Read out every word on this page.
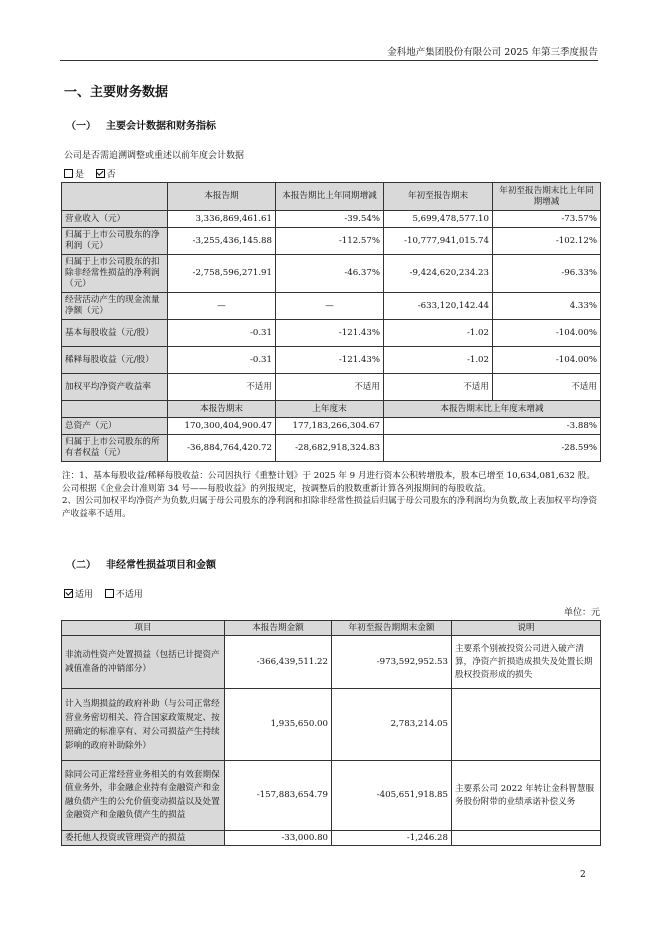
金科地产集团股份有限公司 2025 年第三季度报告
一、主要财务数据
（一） 主要会计数据和财务指标
公司是否需追溯调整或重述以前年度会计数据
是	否
	本报告期	本报告期比上年同期增减	年初至报告期末	年初至报告期末比上年同期增减
营业收入（元）	3,336,869,461.61	-39.54%	5,699,478,577.10	-73.57%
归属于上市公司股东的净利润（元）	-3,255,436,145.88	-112.57%	-10,777,941,015.74	-102.12%
归属于上市公司股东的扣除非经常性损益的净利润（元）	-2,758,596,271.91	-46.37%	-9,424,620,234.23	-96.33%
经营活动产生的现金流量净额（元）	—	—	-633,120,142.44	4.33%
基本每股收益（元/股）	-0.31	-121.43%	-1.02	-104.00%
稀释每股收益（元/股）	-0.31	-121.43%	-1.02	-104.00%
加权平均净资产收益率	不适用	不适用	不适用	不适用
	本报告期末	上年度末	本报告期末比上年度末增减	
总资产（元）	170,300,404,900.47	177,183,266,304.67	-3.88%	
归属于上市公司股东的所有者权益（元）	-36,884,764,420.72	-28,682,918,324.83	-28.59%	

注：1、基本每股收益/稀释每股收益：公司因执行《重整计划》于 2025 年 9 月进行资本公积转增股本，股本已增至 10,634,081,632 股。公司根据《企业会计准则第 34 号——每股收益》的列报规定，按调整后的股数重新计算各列报期间的每股收益。

2、因公司加权平均净资产为负数,归属于母公司股东的净利润和扣除非经常性损益后归属于母公司股东的净利润均为负数,故上表加权平均净资产收益率不适用。

（二） 非经常性损益项目和金额
适用	不适用
单位：元
项目	本报告期金额	年初至报告期期末金额	说明
非流动性资产处置损益（包括已计提资产减值准备的冲销部分）	-366,439,511.22	-973,592,952.53	主要系个别被投资公司进入破产清算，净资产折损造成损失及处置长期股权投资形成的损失
计入当期损益的政府补助（与公司正常经营业务密切相关、符合国家政策规定、按照确定的标准享有、对公司损益产生持续影响的政府补助除外）	1,935,650.00	2,783,214.05	
除同公司正常经营业务相关的有效套期保值业务外，非金融企业持有金融资产和金融负债产生的公允价值变动损益以及处置金融资产和金融负债产生的损益	-157,883,654.79	-405,651,918.85	主要系公司 2022 年转让金科智慧服务股份附带的业绩承诺补偿义务
委托他人投资或管理资产的损益	-33,000.80	-1,246.28	
2
